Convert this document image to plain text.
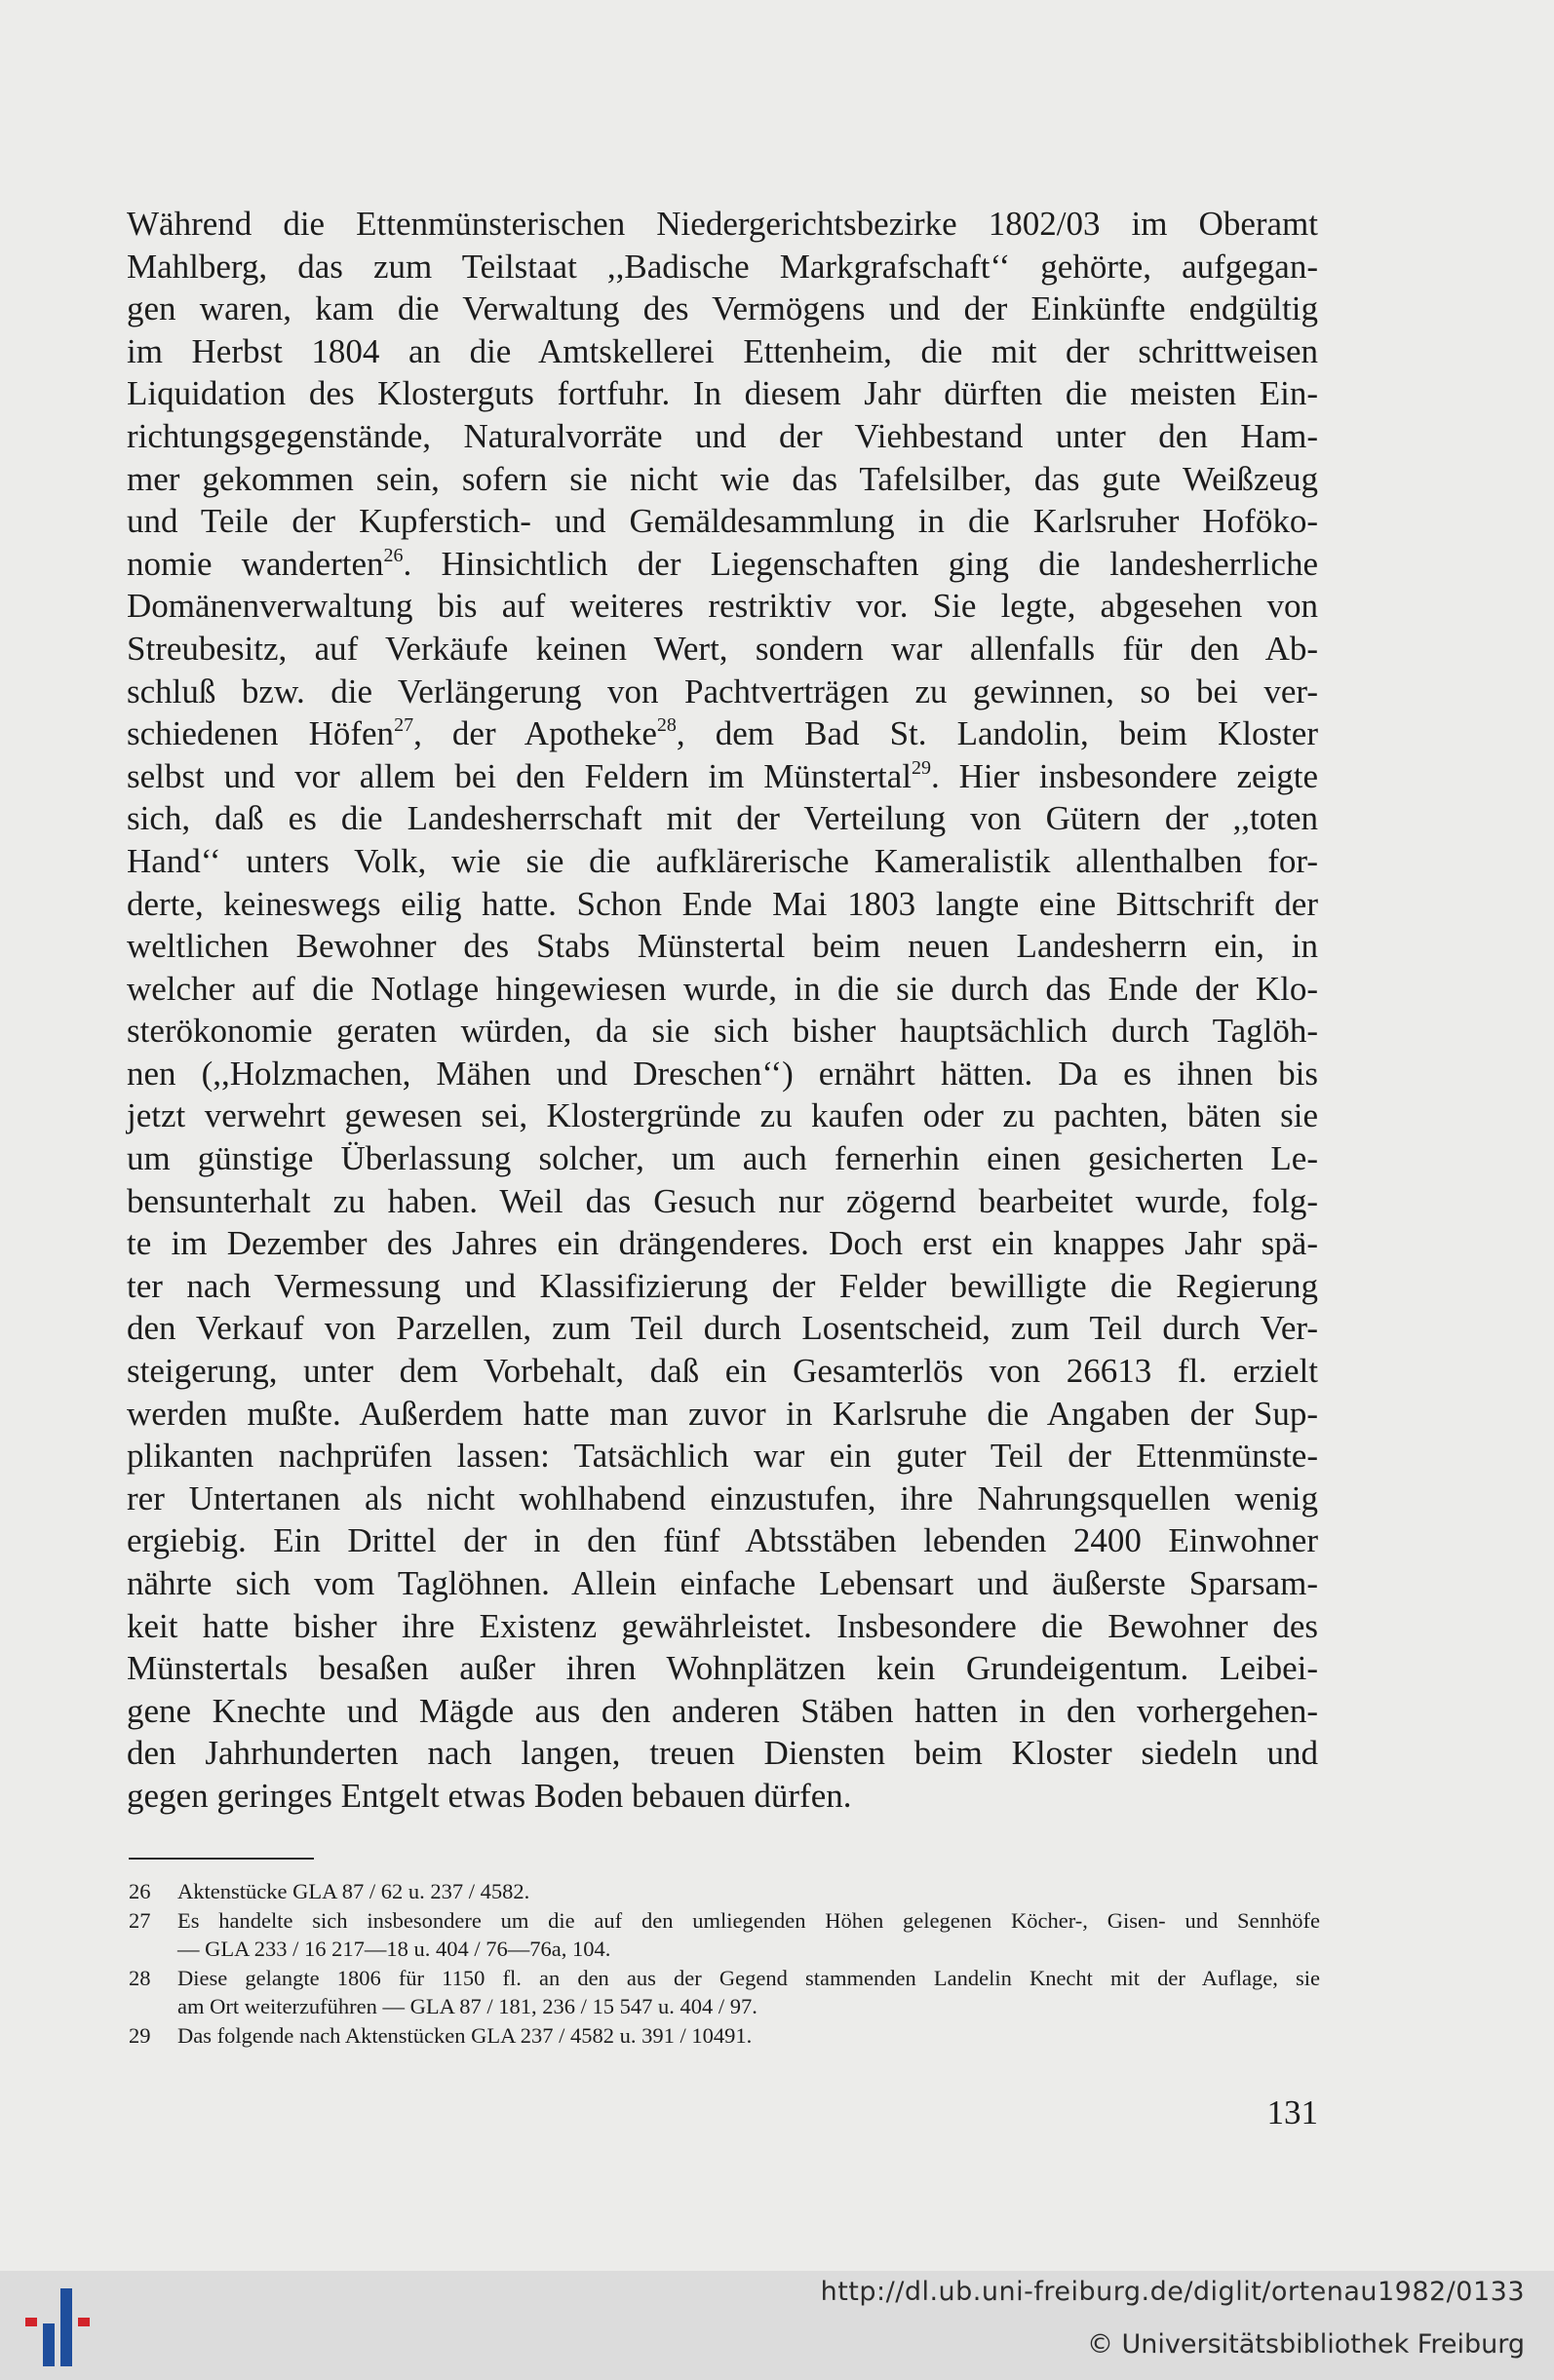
Während die Ettenmünsterischen Niedergerichtsbezirke 1802/03 im Oberamt
Mahlberg, das zum Teilstaat ,,Badische Markgrafschaft‘‘ gehörte, aufgegan-
gen waren, kam die Verwaltung des Vermögens und der Einkünfte endgültig
im Herbst 1804 an die Amtskellerei Ettenheim, die mit der schrittweisen
Liquidation des Klosterguts fortfuhr. In diesem Jahr dürften die meisten Ein-
richtungsgegenstände, Naturalvorräte und der Viehbestand unter den Ham-
mer gekommen sein, sofern sie nicht wie das Tafelsilber, das gute Weißzeug
und Teile der Kupferstich- und Gemäldesammlung in die Karlsruher Hoföko-
nomie wanderten$^{26}$. Hinsichtlich der Liegenschaften ging die landesherrliche
Domänenverwaltung bis auf weiteres restriktiv vor. Sie legte, abgesehen von
Streubesitz, auf Verkäufe keinen Wert, sondern war allenfalls für den Ab-
schluß bzw. die Verlängerung von Pachtverträgen zu gewinnen, so bei ver-
schiedenen Höfen$^{27}$, der Apotheke$^{28}$, dem Bad St. Landolin, beim Kloster
selbst und vor allem bei den Feldern im Münstertal$^{29}$. Hier insbesondere zeigte
sich, daß es die Landesherrschaft mit der Verteilung von Gütern der ,,toten
Hand‘‘ unters Volk, wie sie die aufklärerische Kameralistik allenthalben for-
derte, keineswegs eilig hatte. Schon Ende Mai 1803 langte eine Bittschrift der
weltlichen Bewohner des Stabs Münstertal beim neuen Landesherrn ein, in
welcher auf die Notlage hingewiesen wurde, in die sie durch das Ende der Klo-
sterökonomie geraten würden, da sie sich bisher hauptsächlich durch Taglöh-
nen (,,Holzmachen, Mähen und Dreschen‘‘) ernährt hätten. Da es ihnen bis
jetzt verwehrt gewesen sei, Klostergründe zu kaufen oder zu pachten, bäten sie
um günstige Überlassung solcher, um auch fernerhin einen gesicherten Le-
bensunterhalt zu haben. Weil das Gesuch nur zögernd bearbeitet wurde, folg-
te im Dezember des Jahres ein drängenderes. Doch erst ein knappes Jahr spä-
ter nach Vermessung und Klassifizierung der Felder bewilligte die Regierung
den Verkauf von Parzellen, zum Teil durch Losentscheid, zum Teil durch Ver-
steigerung, unter dem Vorbehalt, daß ein Gesamterlös von 26613 fl. erzielt
werden mußte. Außerdem hatte man zuvor in Karlsruhe die Angaben der Sup-
plikanten nachprüfen lassen: Tatsächlich war ein guter Teil der Ettenmünste-
rer Untertanen als nicht wohlhabend einzustufen, ihre Nahrungsquellen wenig
ergiebig. Ein Drittel der in den fünf Abtsstäben lebenden 2400 Einwohner
nährte sich vom Taglöhnen. Allein einfache Lebensart und äußerste Sparsam-
keit hatte bisher ihre Existenz gewährleistet. Insbesondere die Bewohner des
Münstertals besaßen außer ihren Wohnplätzen kein Grundeigentum. Leibei-
gene Knechte und Mägde aus den anderen Stäben hatten in den vorhergehen-
den Jahrhunderten nach langen, treuen Diensten beim Kloster siedeln und
gegen geringes Entgelt etwas Boden bebauen dürfen.
26	Aktenstücke GLA 87 / 62 u. 237 / 4582.
27	Es handelte sich insbesondere um die auf den umliegenden Höhen gelegenen Köcher-, Gisen- und Sennhöfe
— GLA 233 / 16 217—18 u. 404 / 76—76a, 104.
28	Diese gelangte 1806 für 1150 fl. an den aus der Gegend stammenden Landelin Knecht mit der Auflage, sie
am Ort weiterzuführen — GLA 87 / 181, 236 / 15 547 u. 404 / 97.
29	Das folgende nach Aktenstücken GLA 237 / 4582 u. 391 / 10491.
131
http://dl.ub.uni-freiburg.de/diglit/ortenau1982/0133
© Universitätsbibliothek Freiburg
